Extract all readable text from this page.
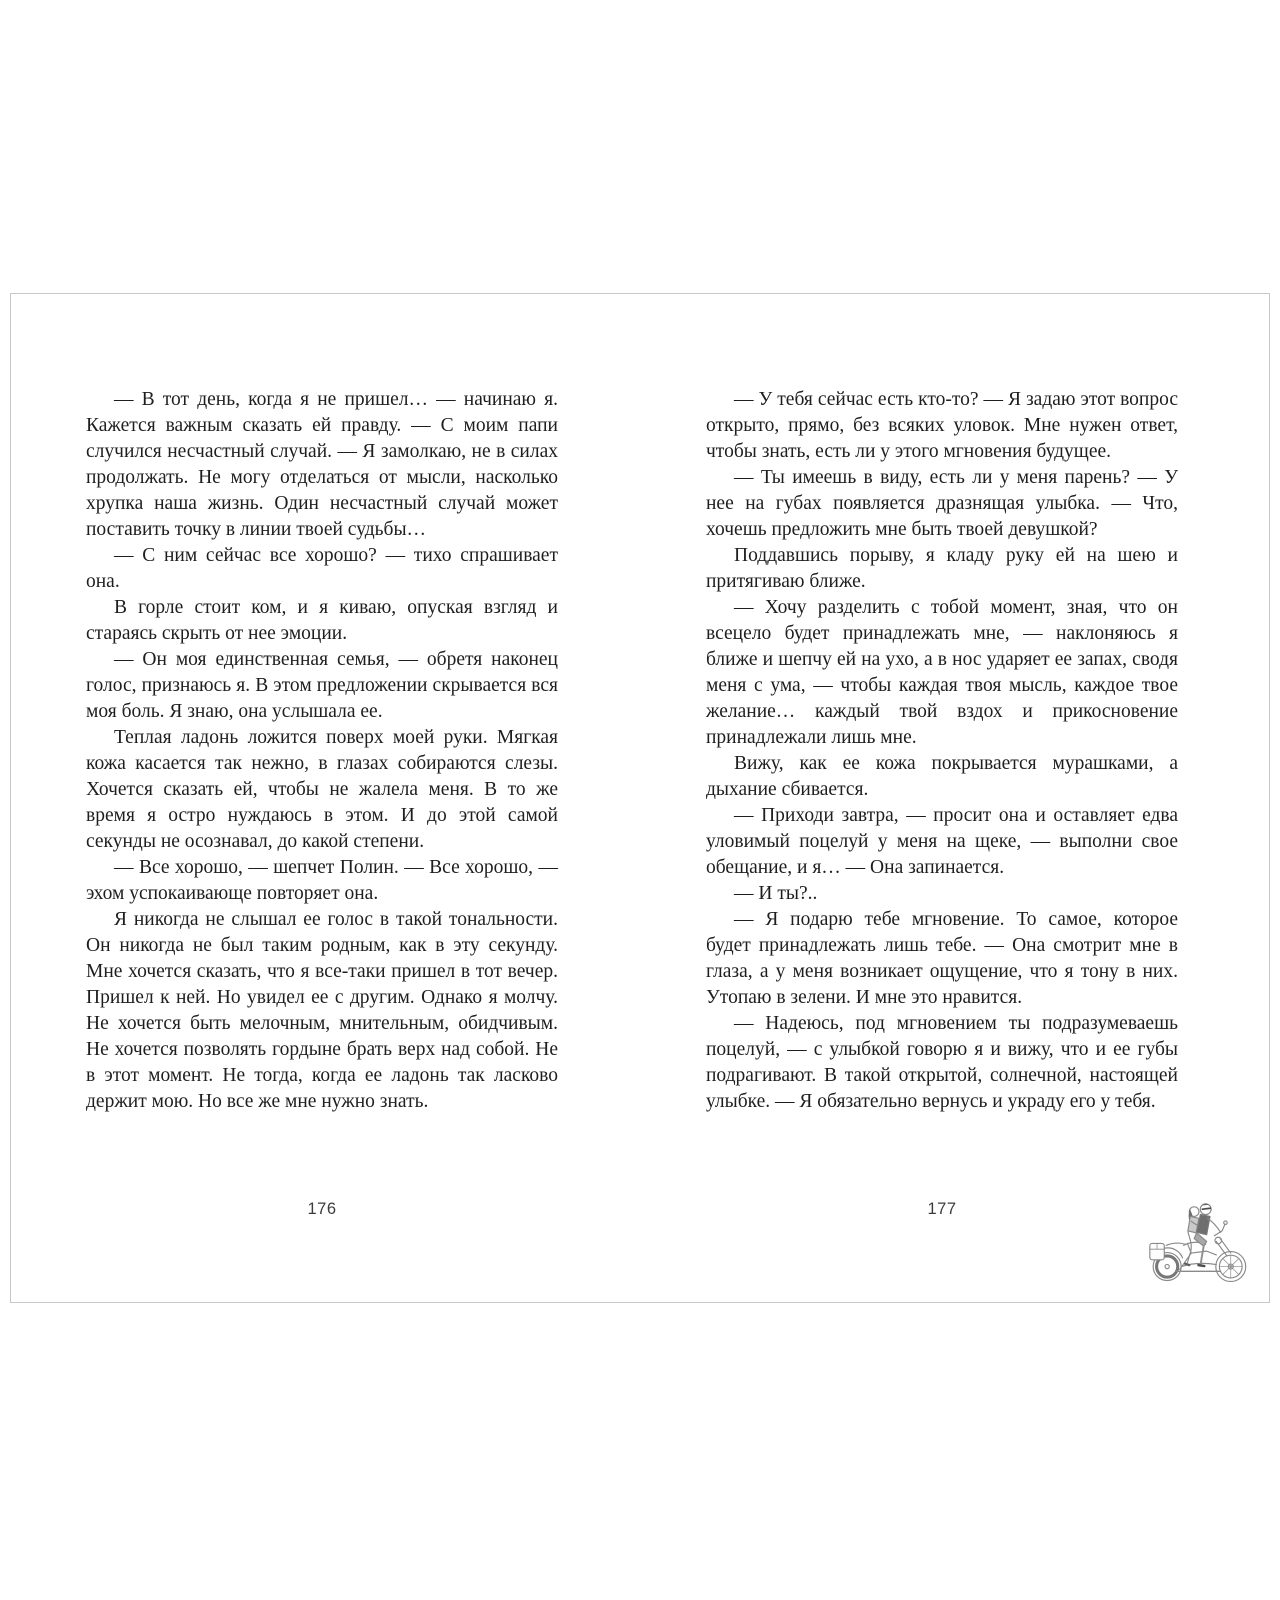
— В тот день, когда я не пришел… — начинаю я. Кажется важным сказать ей правду. — С моим папи случился несчастный случай. — Я замолкаю, не в силах продолжать. Не могу отделаться от мысли, насколько хрупка наша жизнь. Один несчастный случай может поставить точку в линии твоей судьбы…

— С ним сейчас все хорошо? — тихо спрашивает она.

В горле стоит ком, и я киваю, опуская взгляд и стараясь скрыть от нее эмоции.

— Он моя единственная семья, — обретя наконец голос, признаюсь я. В этом предложении скрывается вся моя боль. Я знаю, она услышала ее.

Теплая ладонь ложится поверх моей руки. Мягкая кожа касается так нежно, в глазах собираются слезы. Хочется сказать ей, чтобы не жалела меня. В то же время я остро нуждаюсь в этом. И до этой самой секунды не осознавал, до какой степени.

— Все хорошо, — шепчет Полин. — Все хорошо, — эхом успокаивающе повторяет она.

Я никогда не слышал ее голос в такой тональности. Он никогда не был таким родным, как в эту секунду. Мне хочется сказать, что я все-таки пришел в тот вечер. Пришел к ней. Но увидел ее с другим. Однако я молчу. Не хочется быть мелочным, мнительным, обидчивым. Не хочется позволять гордыне брать верх над собой. Не в этот момент. Не тогда, когда ее ладонь так ласково держит мою. Но все же мне нужно знать.

176

— У тебя сейчас есть кто-то? — Я задаю этот вопрос открыто, прямо, без всяких уловок. Мне нужен ответ, чтобы знать, есть ли у этого мгновения будущее.

— Ты имеешь в виду, есть ли у меня парень? — У нее на губах появляется дразнящая улыбка. — Что, хочешь предложить мне быть твоей девушкой?

Поддавшись порыву, я кладу руку ей на шею и притягиваю ближе.

— Хочу разделить с тобой момент, зная, что он всецело будет принадлежать мне, — наклоняюсь я ближе и шепчу ей на ухо, а в нос ударяет ее запах, сводя меня с ума, — чтобы каждая твоя мысль, каждое твое желание… каждый твой вздох и прикосновение принадлежали лишь мне.

Вижу, как ее кожа покрывается мурашками, а дыхание сбивается.

— Приходи завтра, — просит она и оставляет едва уловимый поцелуй у меня на щеке, — выполни свое обещание, и я… — Она запинается.

— И ты?..

— Я подарю тебе мгновение. То самое, которое будет принадлежать лишь тебе. — Она смотрит мне в глаза, а у меня возникает ощущение, что я тону в них. Утопаю в зелени. И мне это нравится.

— Надеюсь, под мгновением ты подразумеваешь поцелуй, — с улыбкой говорю я и вижу, что и ее губы подрагивают. В такой открытой, солнечной, настоящей улыбке. — Я обязательно вернусь и украду его у тебя.

177
